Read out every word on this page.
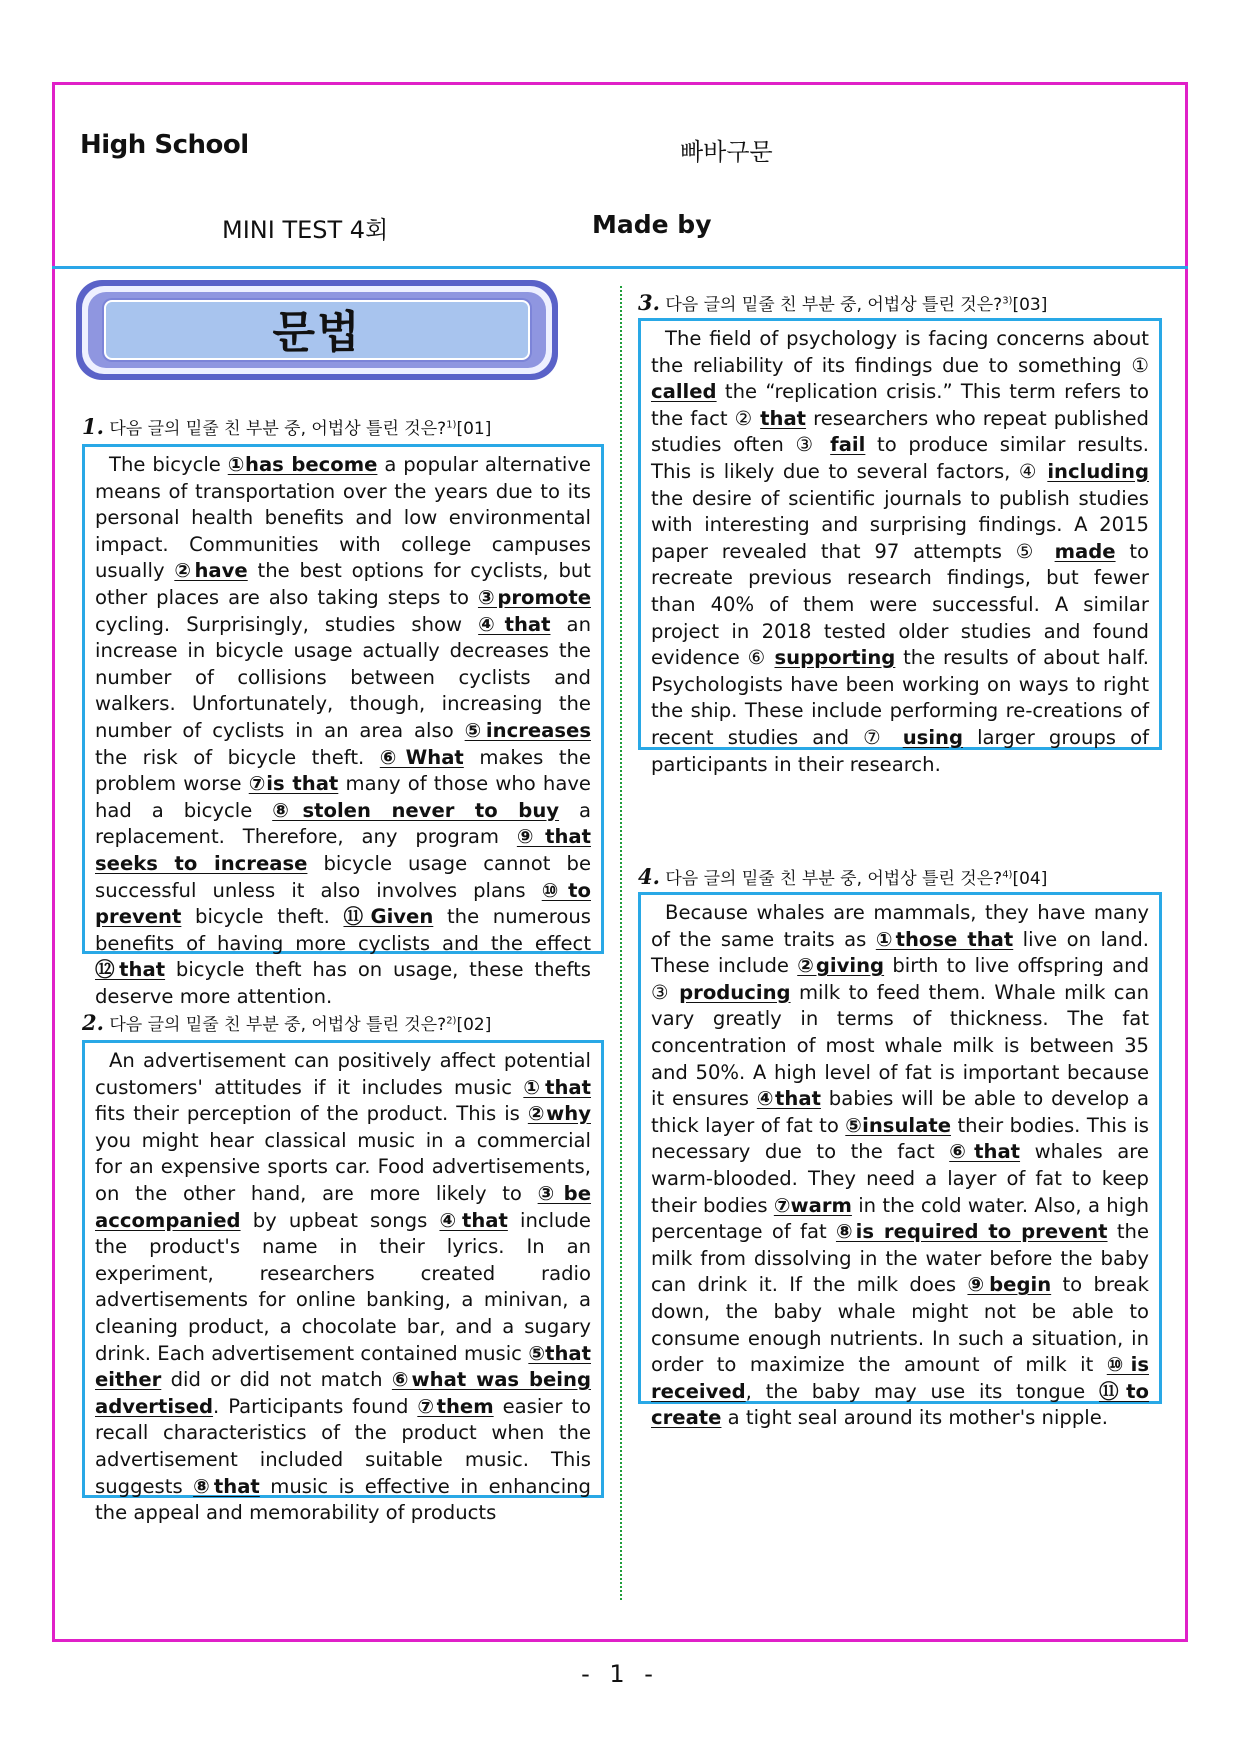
High School	빠바구문
MINI TEST 4회	Made by
문법
1. 다음 글의 밑줄 친 부분 중, 어법상 틀린 것은?$^{1)}$[01]

The bicycle ①has become a popular alternative means of transportation over the years due to its personal health benefits and low environmental impact. Communities with college campuses usually ②have the best options for cyclists, but other places are also taking steps to ③promote cycling. Surprisingly, studies show ④that an increase in bicycle usage actually decreases the number of collisions between cyclists and walkers. Unfortunately, though, increasing the number of cyclists in an area also ⑤increases the risk of bicycle theft. ⑥What makes the problem worse ⑦is that many of those who have had a bicycle ⑧stolen never to buy a replacement. Therefore, any program ⑨that seeks to increase bicycle usage cannot be successful unless it also involves plans ⑩to prevent bicycle theft. ⑪Given the numerous benefits of having more cyclists and the effect ⑫that bicycle theft has on usage, these thefts deserve more attention.

2. 다음 글의 밑줄 친 부분 중, 어법상 틀린 것은?$^{2)}$[02]

An advertisement can positively affect potential customers' attitudes if it includes music ①that fits their perception of the product. This is ②why you might hear classical music in a commercial for an expensive sports car. Food advertisements, on the other hand, are more likely to ③be accompanied by upbeat songs ④that include the product's name in their lyrics. In an experiment, researchers created radio advertisements for online banking, a minivan, a cleaning product, a chocolate bar, and a sugary drink. Each advertisement contained music ⑤that either did or did not match ⑥what was being advertised. Participants found ⑦them easier to recall characteristics of the product when the advertisement included suitable music. This suggests ⑧that music is effective in enhancing the appeal and memorability of products

3. 다음 글의 밑줄 친 부분 중, 어법상 틀린 것은?$^{3)}$[03]

The field of psychology is facing concerns about the reliability of its findings due to something ① called the “replication crisis.” This term refers to the fact ② that researchers who repeat published studies often ③ fail to produce similar results. This is likely due to several factors, ④ including the desire of scientific journals to publish studies with interesting and surprising findings. A 2015 paper revealed that 97 attempts ⑤ made to recreate previous research findings, but fewer than 40% of them were successful. A similar project in 2018 tested older studies and found evidence ⑥ supporting the results of about half. Psychologists have been working on ways to right the ship. These include performing re-creations of recent studies and ⑦ using larger groups of participants in their research.

4. 다음 글의 밑줄 친 부분 중, 어법상 틀린 것은?$^{4)}$[04]

Because whales are mammals, they have many of the same traits as ①those that live on land. These include ②giving birth to live offspring and ③ producing milk to feed them. Whale milk can vary greatly in terms of thickness. The fat concentration of most whale milk is between 35 and 50%. A high level of fat is important because it ensures ④that babies will be able to develop a thick layer of fat to ⑤insulate their bodies. This is necessary due to the fact ⑥that whales are warm-blooded. They need a layer of fat to keep their bodies ⑦warm in the cold water. Also, a high percentage of fat ⑧is required to prevent the milk from dissolving in the water before the baby can drink it. If the milk does ⑨begin to break down, the baby whale might not be able to consume enough nutrients. In such a situation, in order to maximize the amount of milk it ⑩is received, the baby may use its tongue ⑪to create a tight seal around its mother's nipple.

- 1 -
